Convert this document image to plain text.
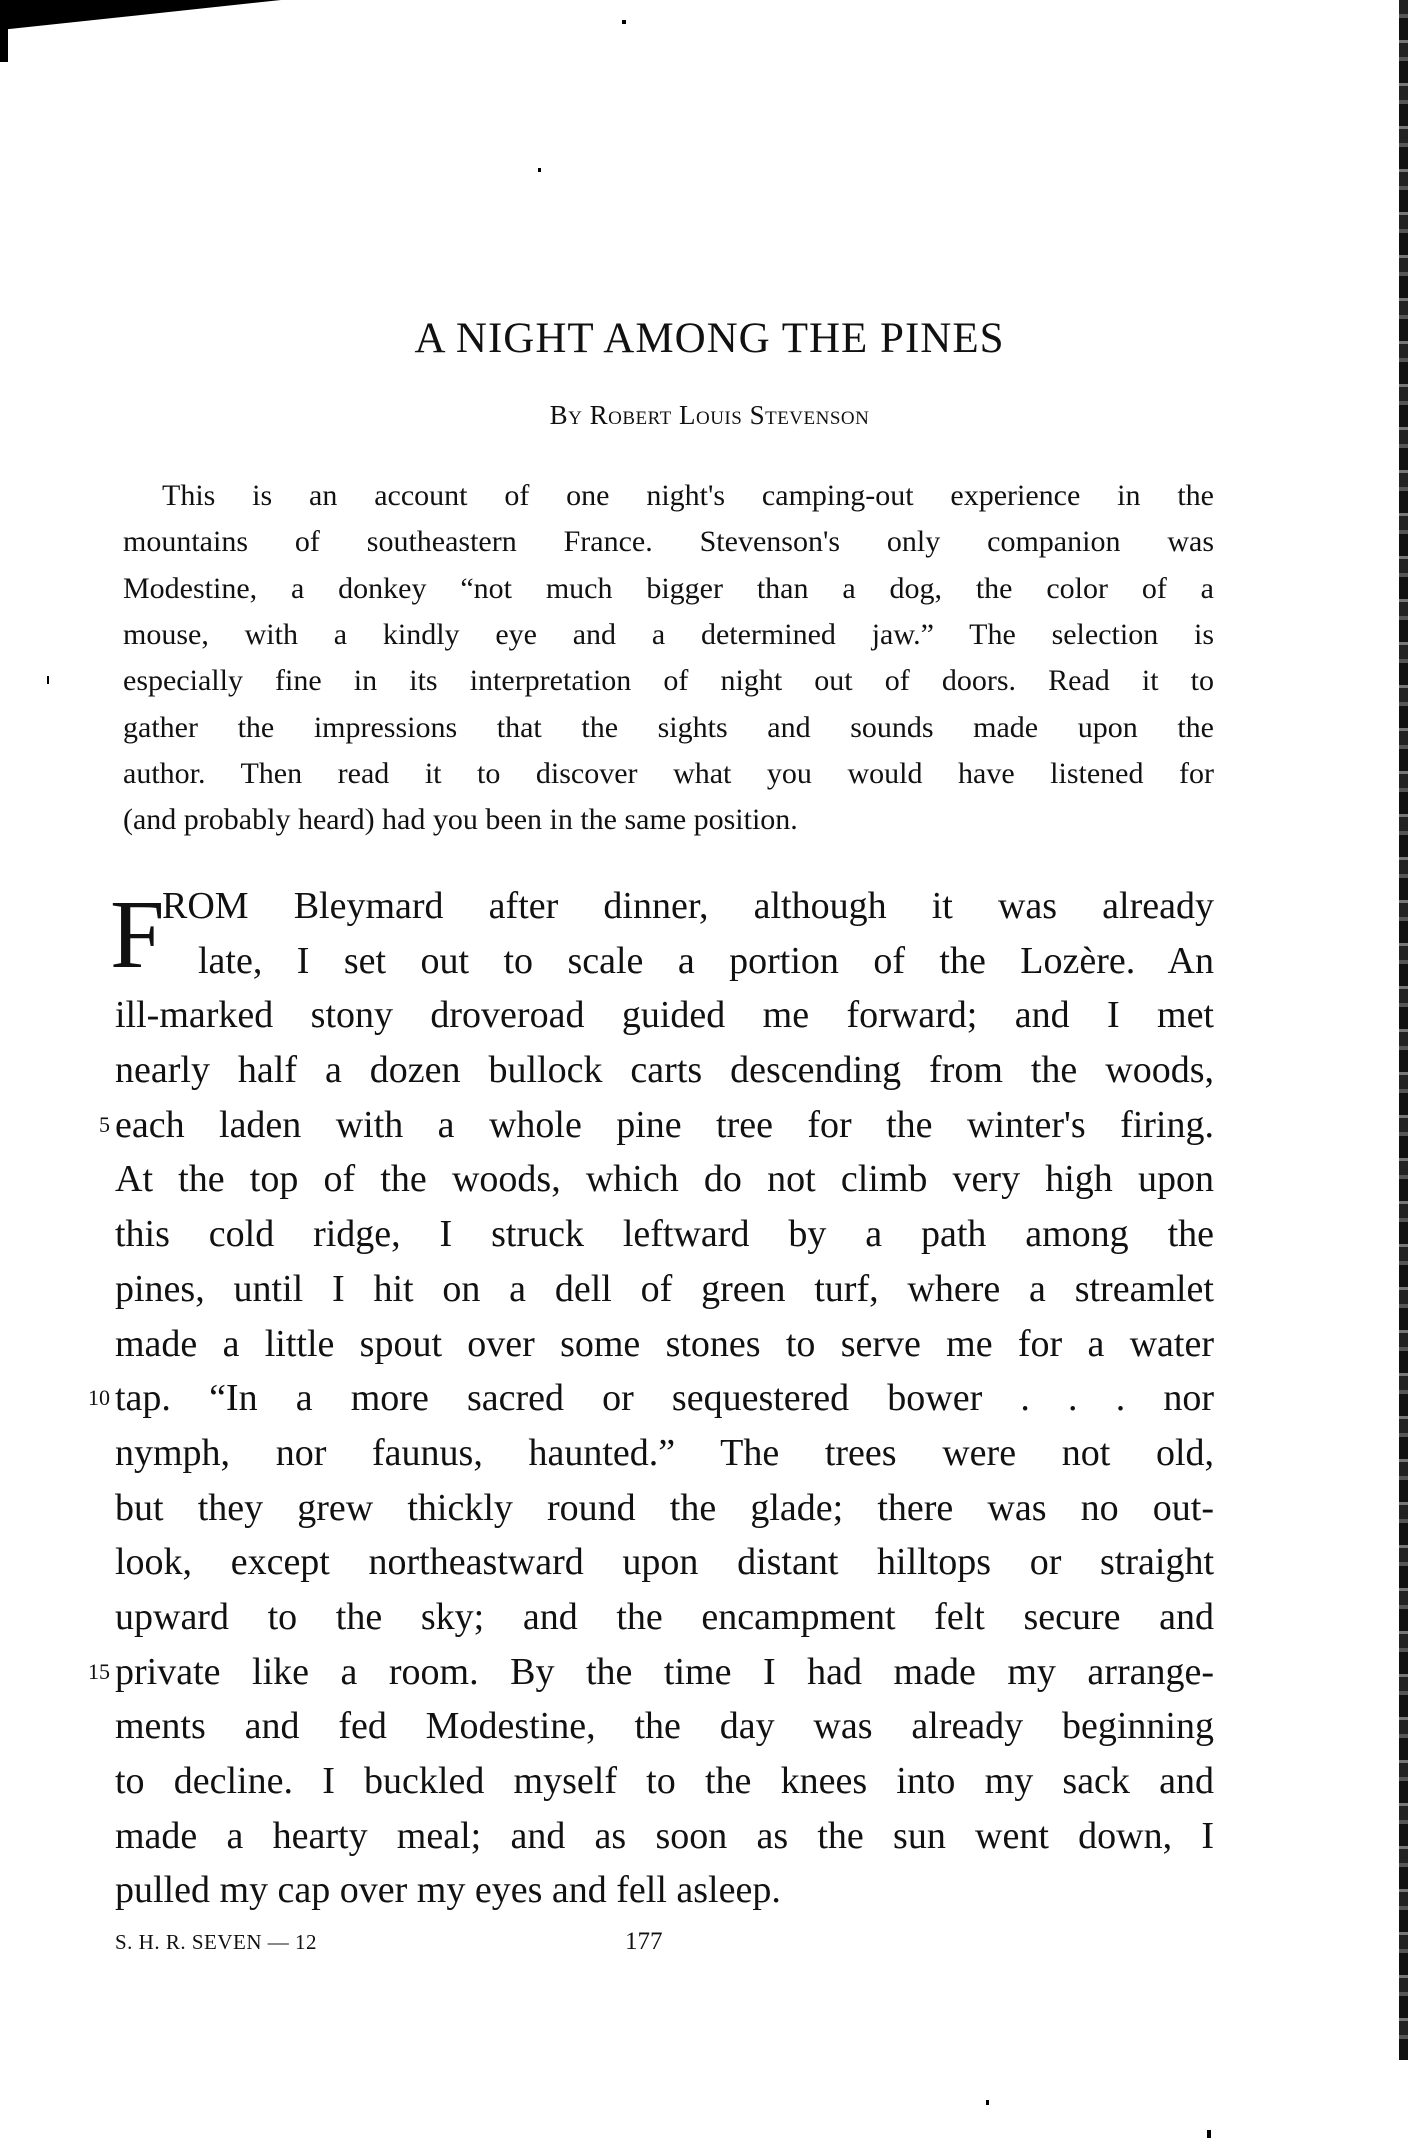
A NIGHT AMONG THE PINES
By Robert Louis Stevenson
This is an account of one night's camping-out experience in the
mountains of southeastern France. Stevenson's only companion was
Modestine, a donkey “not much bigger than a dog, the color of a
mouse, with a kindly eye and a determined jaw.” The selection is
especially fine in its interpretation of night out of doors. Read it to
gather the impressions that the sights and sounds made upon the
author. Then read it to discover what you would have listened for
(and probably heard) had you been in the same position.
F
ROM Bleymard after dinner, although it was already
late, I set out to scale a portion of the Lozère. An
ill-marked stony droveroad guided me forward; and I met
nearly half a dozen bullock carts descending from the woods,
each laden with a whole pine tree for the winter's firing.
At the top of the woods, which do not climb very high upon
this cold ridge, I struck leftward by a path among the
pines, until I hit on a dell of green turf, where a streamlet
made a little spout over some stones to serve me for a water
tap. “In a more sacred or sequestered bower . . . nor
nymph, nor faunus, haunted.” The trees were not old,
but they grew thickly round the glade; there was no out-
look, except northeastward upon distant hilltops or straight
upward to the sky; and the encampment felt secure and
private like a room. By the time I had made my arrange-
ments and fed Modestine, the day was already beginning
to decline. I buckled myself to the knees into my sack and
made a hearty meal; and as soon as the sun went down, I
pulled my cap over my eyes and fell asleep.
5
10
15
S. H. R. SEVEN — 12	177
